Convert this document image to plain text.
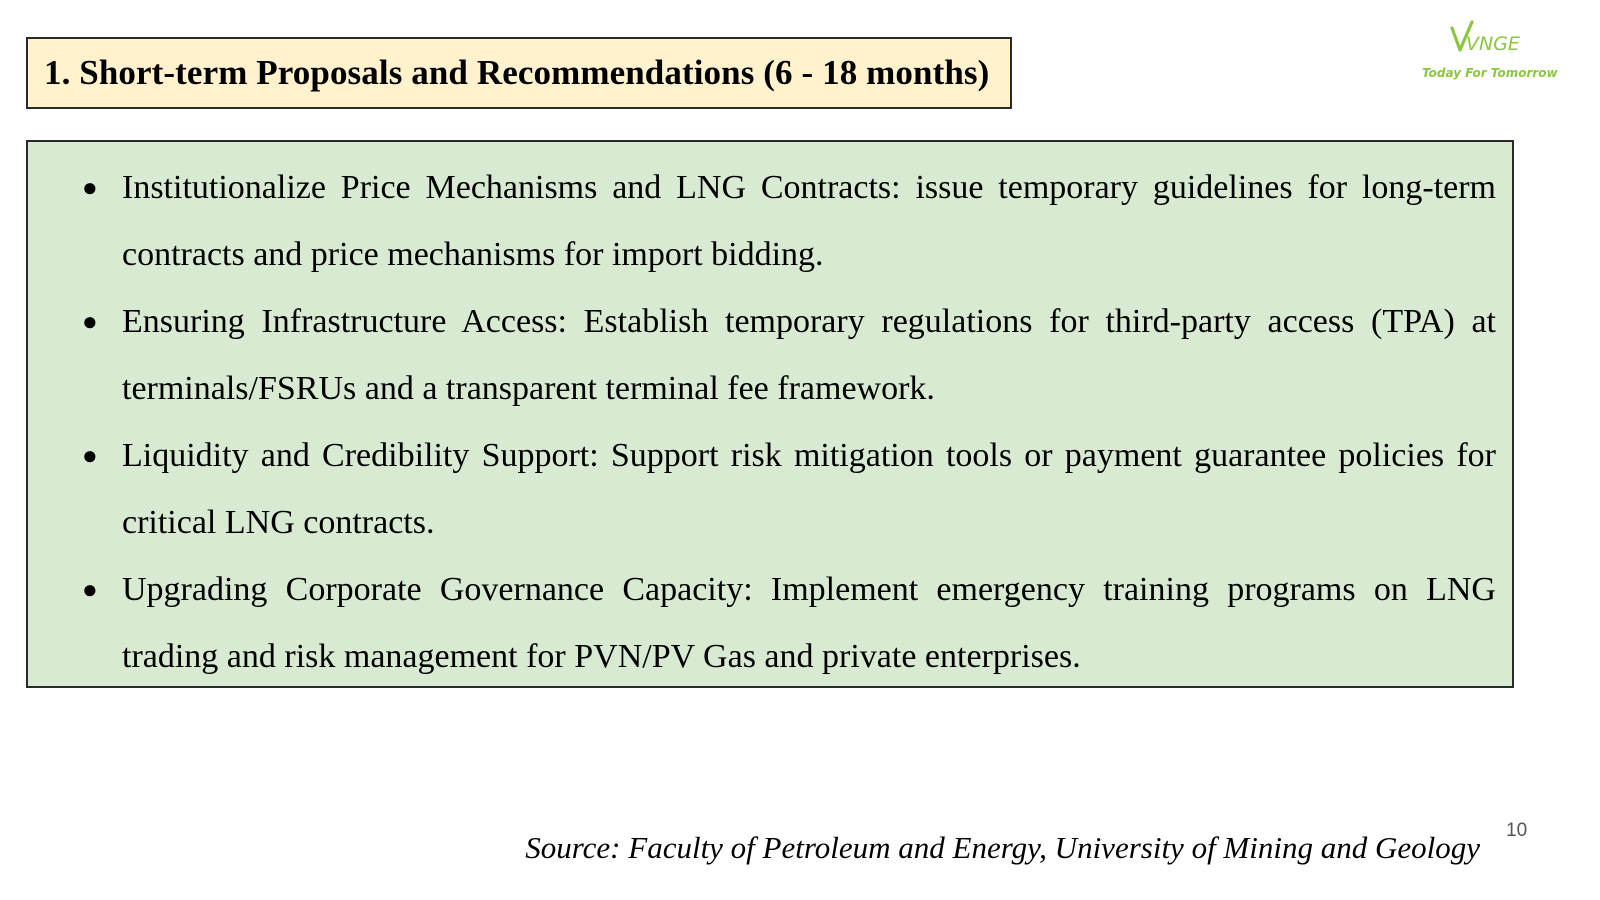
1. Short-term Proposals and Recommendations (6 - 18 months)
VNGE
Today For Tomorrow
● Institutionalize Price Mechanisms and LNG Contracts: issue temporary guidelines for long-term contracts and price mechanisms for import bidding.
● Ensuring Infrastructure Access: Establish temporary regulations for third-party access (TPA) at terminals/FSRUs and a transparent terminal fee framework.
● Liquidity and Credibility Support: Support risk mitigation tools or payment guarantee policies for critical LNG contracts.
● Upgrading Corporate Governance Capacity: Implement emergency training programs on LNG trading and risk management for PVN/PV Gas and private enterprises.
Source: Faculty of Petroleum and Energy, University of Mining and Geology 10
